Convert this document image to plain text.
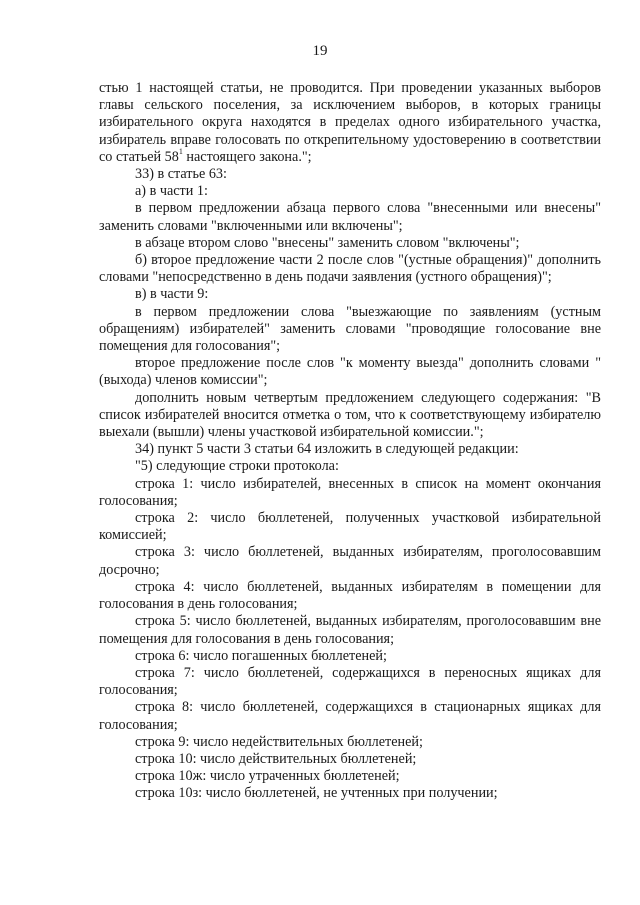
19

стью 1 настоящей статьи, не проводится. При проведении указанных выборов главы сельского поселения, за исключением выборов, в которых границы избирательного округа находятся в пределах одного избирательного участка, избиратель вправе голосовать по открепительному удостоверению в соответствии со статьей $58^1$ настоящего закона.";

33) в статье 63:

а) в части 1:

в первом предложении абзаца первого слова "внесенными или внесены" заменить словами "включенными или включены";

в абзаце втором слово "внесены" заменить словом "включены";

б) второе предложение части 2 после слов "(устные обращения)" дополнить словами "непосредственно в день подачи заявления (устного обращения)";

в) в части 9:

в первом предложении слова "выезжающие по заявлениям (устным обращениям) избирателей" заменить словами "проводящие голосование вне помещения для голосования";

второе предложение после слов "к моменту выезда" дополнить словами "(выхода) членов комиссии";

дополнить новым четвертым предложением следующего содержания: "В список избирателей вносится отметка о том, что к соответствующему избирателю выехали (вышли) члены участковой избирательной комиссии.";

34) пункт 5 части 3 статьи 64 изложить в следующей редакции:

"5) следующие строки протокола:

строка 1: число избирателей, внесенных в список на момент окончания голосования;

строка 2: число бюллетеней, полученных участковой избирательной комиссией;

строка 3: число бюллетеней, выданных избирателям, проголосовавшим досрочно;

строка 4: число бюллетеней, выданных избирателям в помещении для голосования в день голосования;

строка 5: число бюллетеней, выданных избирателям, проголосовавшим вне помещения для голосования в день голосования;

строка 6: число погашенных бюллетеней;

строка 7: число бюллетеней, содержащихся в переносных ящиках для голосования;

строка 8: число бюллетеней, содержащихся в стационарных ящиках для голосования;

строка 9: число недействительных бюллетеней;

строка 10: число действительных бюллетеней;

строка 10ж: число утраченных бюллетеней;

строка 10з: число бюллетеней, не учтенных при получении;
